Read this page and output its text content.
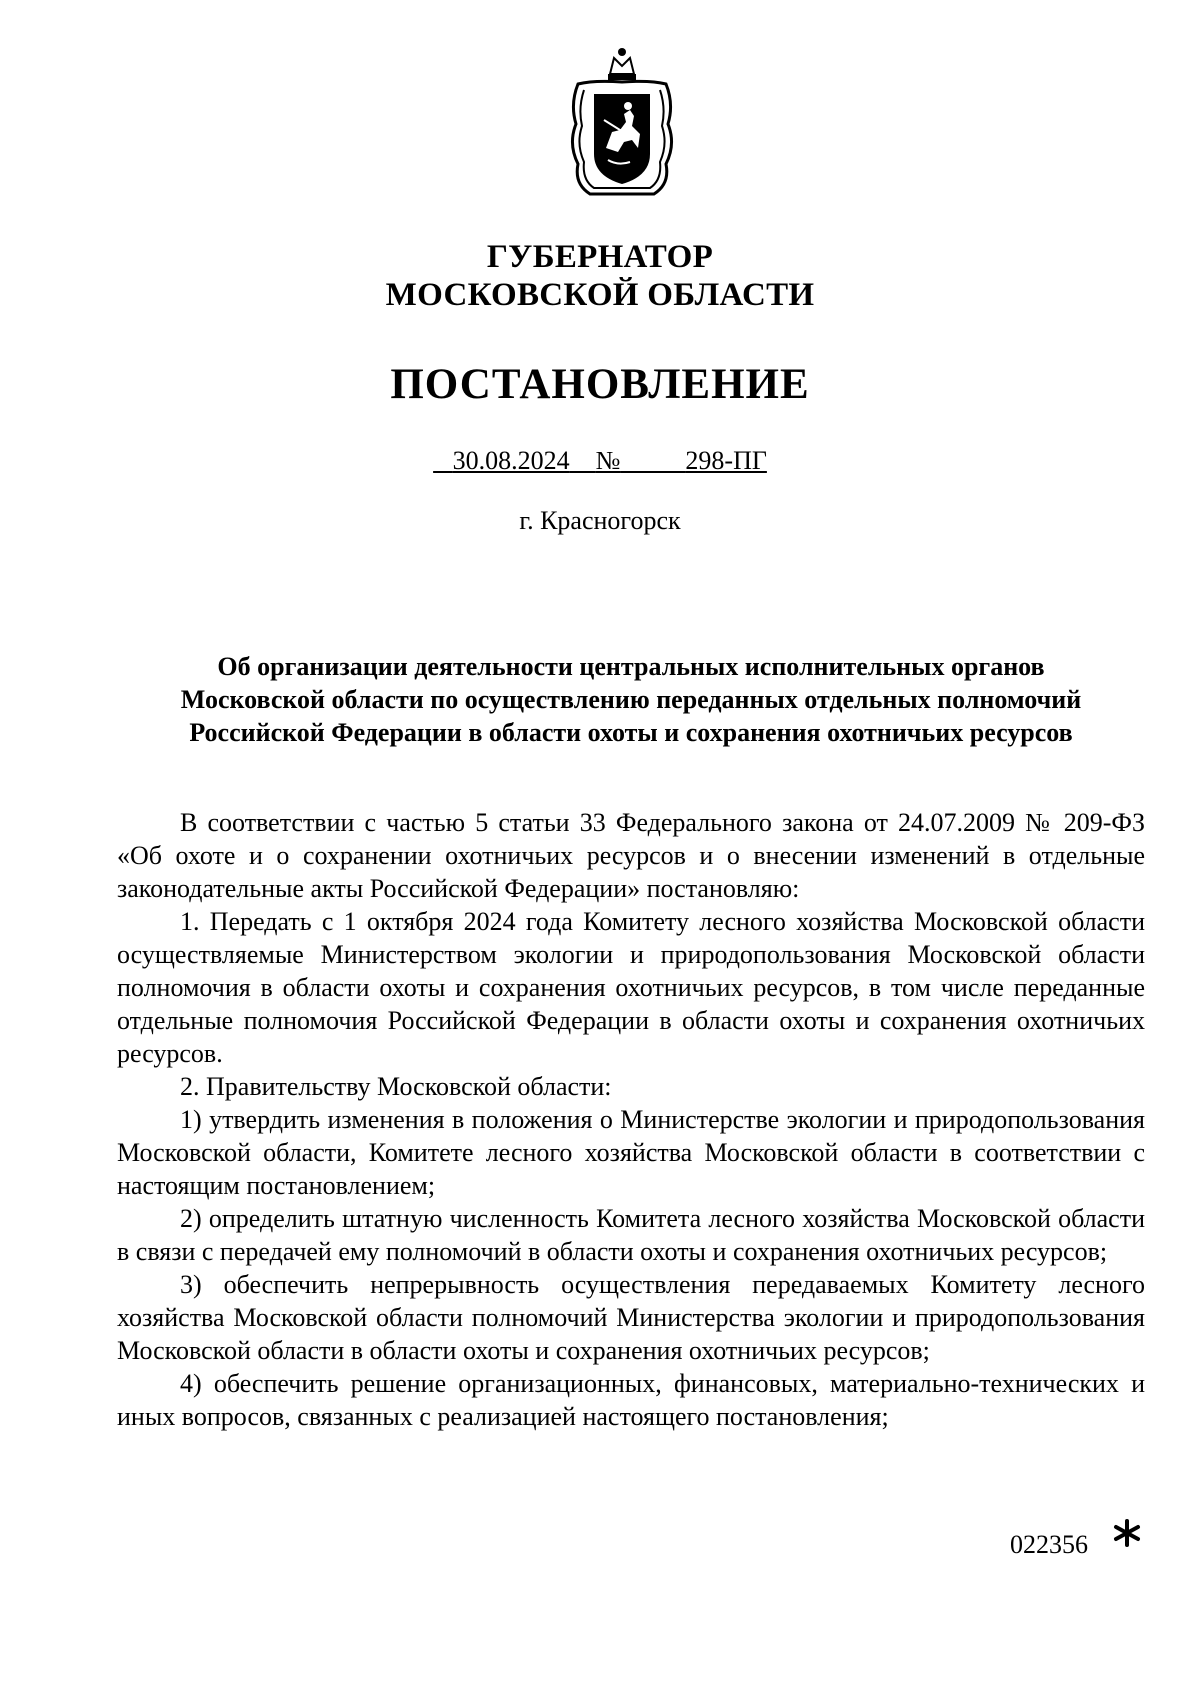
ГУБЕРНАТОР
МОСКОВСКОЙ ОБЛАСТИ
ПОСТАНОВЛЕНИЕ
30.08.2024 №	298-ПГ
г. Красногорск
Об организации деятельности центральных исполнительных органов
Московской области по осуществлению переданных отдельных полномочий
Российской Федерации в области охоты и сохранения охотничьих ресурсов

В соответствии с частью 5 статьи 33 Федерального закона от 24.07.2009 № 209-ФЗ «Об охоте и о сохранении охотничьих ресурсов и о внесении изменений в отдельные законодательные акты Российской Федерации» постановляю:

1. Передать с 1 октября 2024 года Комитету лесного хозяйства Московской области осуществляемые Министерством экологии и природопользования Московской области полномочия в области охоты и сохранения охотничьих ресурсов, в том числе переданные отдельные полномочия Российской Федерации в области охоты и сохранения охотничьих ресурсов.

2. Правительству Московской области:

1) утвердить изменения в положения о Министерстве экологии и природопользования Московской области, Комитете лесного хозяйства Московской области в соответствии с настоящим постановлением;

2) определить штатную численность Комитета лесного хозяйства Московской области в связи с передачей ему полномочий в области охоты и сохранения охотничьих ресурсов;

3) обеспечить непрерывность осуществления передаваемых Комитету лесного хозяйства Московской области полномочий Министерства экологии и природопользования Московской области в области охоты и сохранения охотничьих ресурсов;

4) обеспечить решение организационных, финансовых, материально-технических и иных вопросов, связанных с реализацией настоящего постановления;

022356
